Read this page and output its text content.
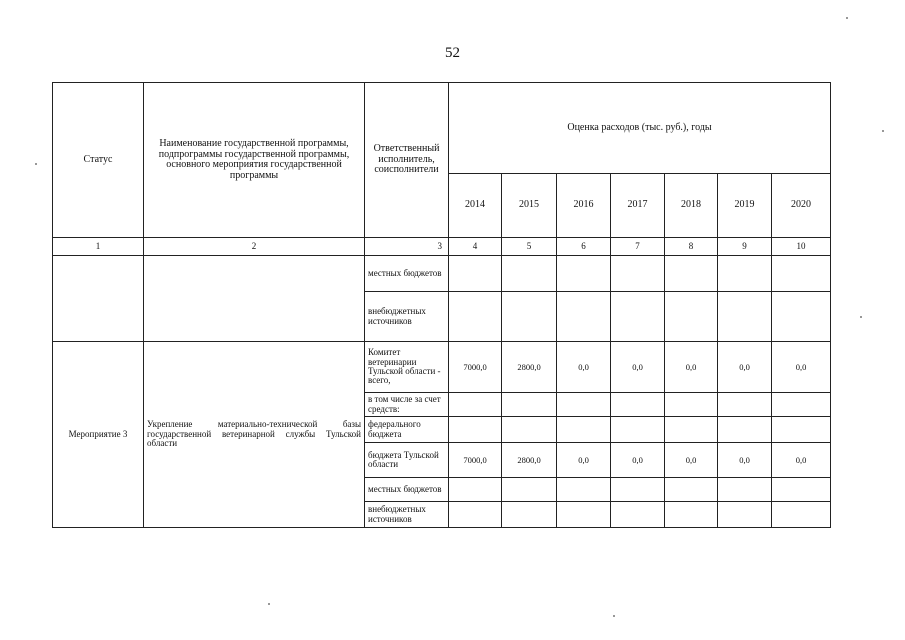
52
Статус	Наименование государственной программы, подпрограммы государственной программы, основного мероприятия государственной программы	Ответственный исполнитель, соисполнители	Оценка расходов (тыс. руб.), годы						
			2014	2015	2016	2017	2018	2019	2020
1	2	3	4	5	6	7	8	9	10
		местных бюджетов							
		внебюджетных источников							
Мероприятие 3	Укрепление материально-технической базы государственной ветеринарной службы Тульской области	Комитет ветеринарии Тульской области - всего,	7000,0	2800,0	0,0	0,0	0,0	0,0	0,0
		в том числе за счет средств:							
		федерального бюджета							
		бюджета Тульской области	7000,0	2800,0	0,0	0,0	0,0	0,0	0,0
		местных бюджетов							
		внебюджетных источников							
